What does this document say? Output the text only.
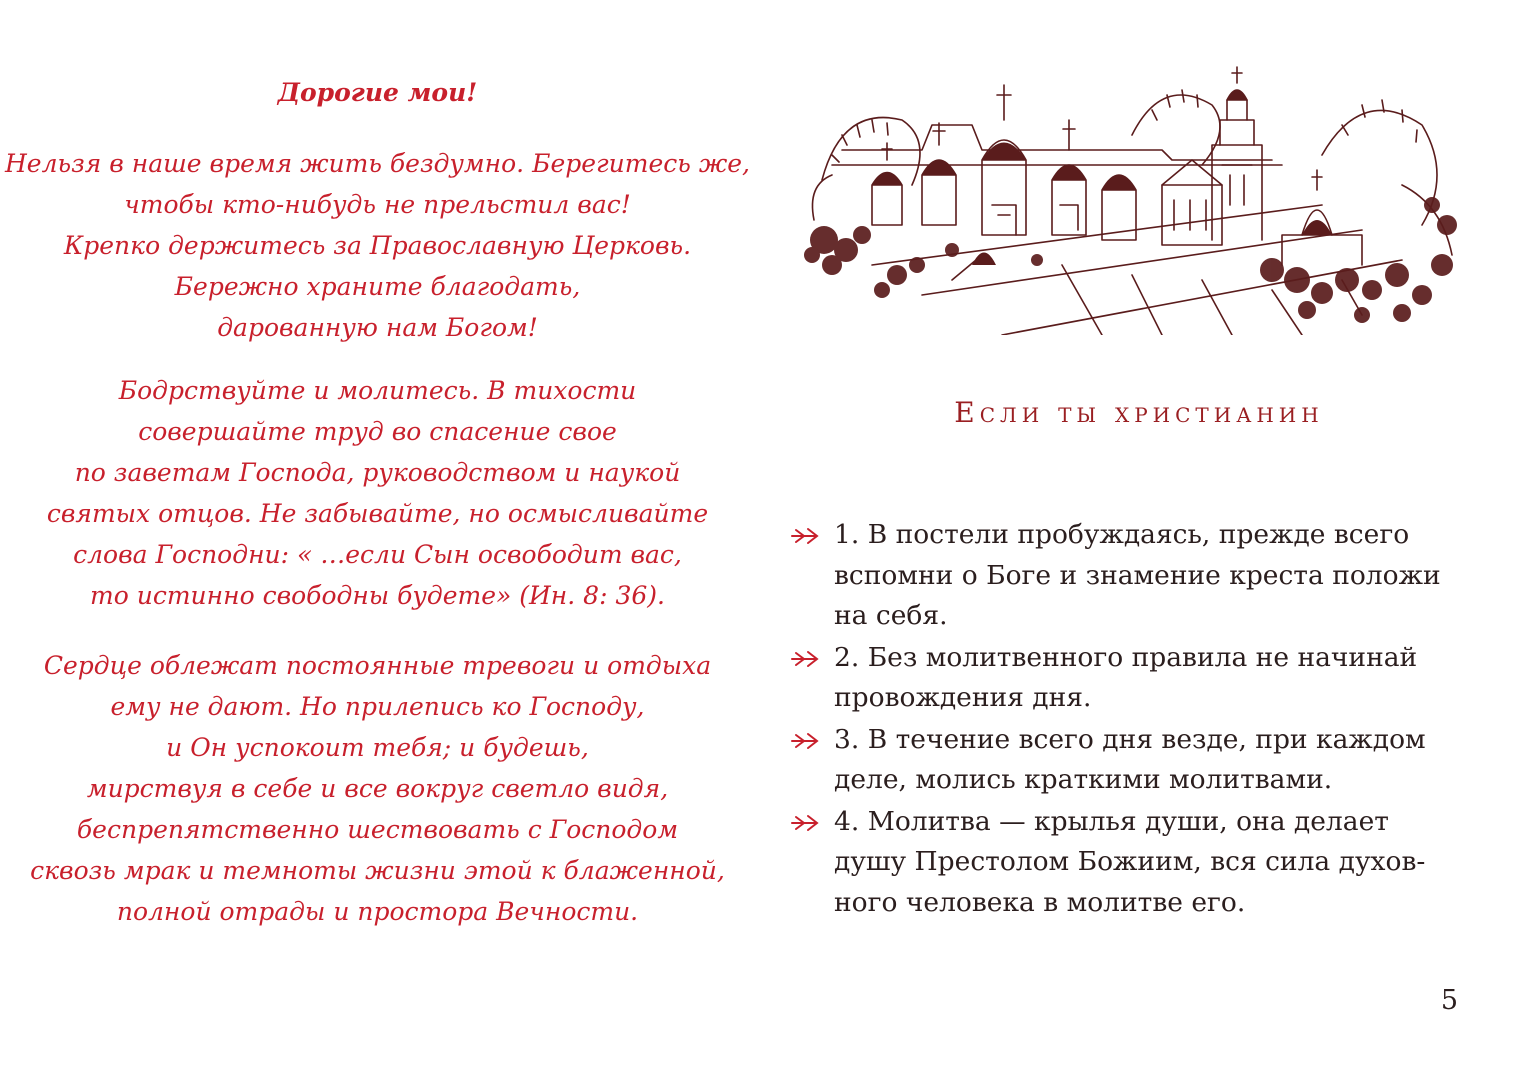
Дорогие мои!

Нельзя в наше время жить бездумно. Берегитесь же,
чтобы кто-нибудь не прельстил вас!
Крепко держитесь за Православную Церковь.
Бережно храните благодать,
дарованную нам Богом!

Бодрствуйте и молитесь. В тихости
совершайте труд во спасение свое
по заветам Господа, руководством и наукой
святых отцов. Не забывайте, но осмысливайте
слова Господни: « …если Сын освободит вас,
то истинно свободны будете» (Ин. 8: 36).

Сердце облежат постоянные тревоги и отдыха
ему не дают. Но прилепись ко Господу,
и Он успокоит тебя; и будешь,
мирствуя в себе и все вокруг светло видя,
беспрепятственно шествовать с Господом
сквозь мрак и темноты жизни этой к блаженной,
полной отрады и простора Вечности.

Если ты христианин

1. В постели пробуждаясь, прежде всего
вспомни о Боге и знамение креста положи
на себя.
2. Без молитвенного правила не начинай
провождения дня.
3. В течение всего дня везде, при каждом
деле, молись краткими молитвами.
4. Молитва — крылья души, она делает
душу Престолом Божиим, вся сила духов-
ного человека в молитве его.

5
